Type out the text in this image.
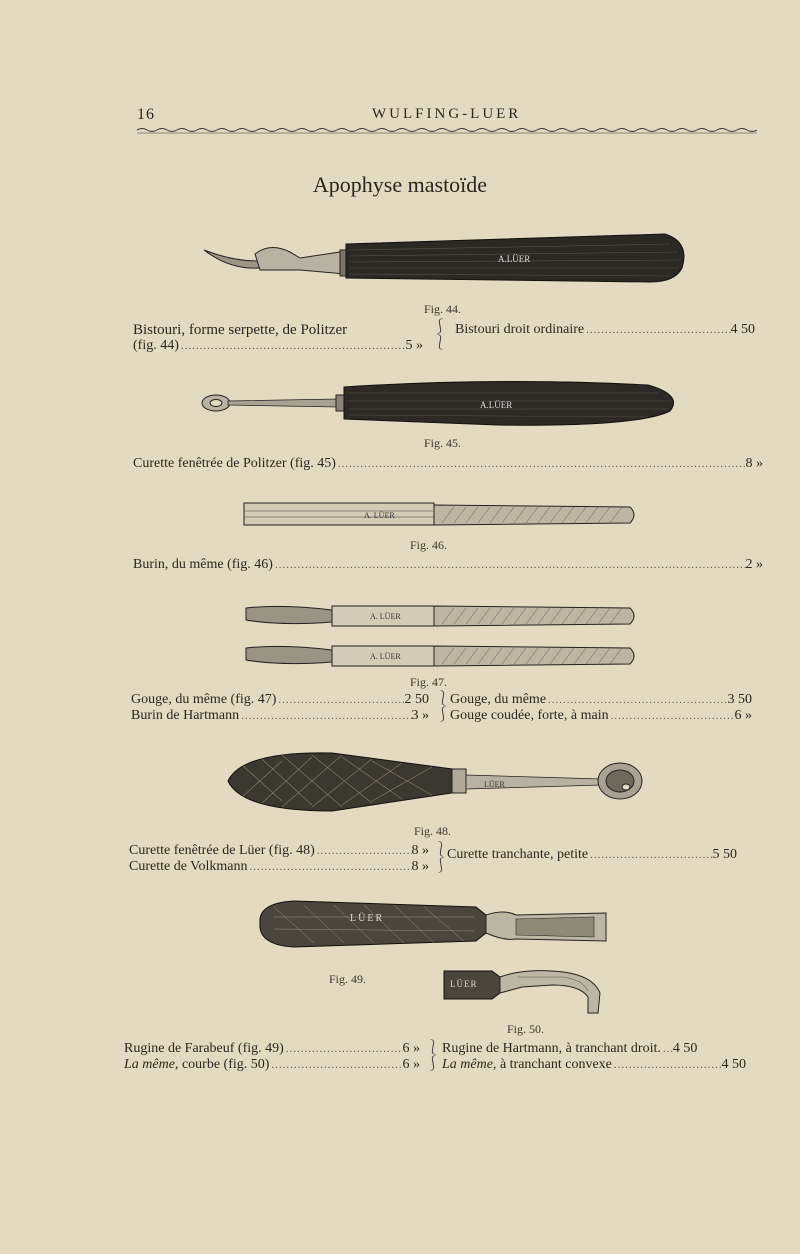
16	WULFING-LUER
Apophyse mastoïde
A.LÜER
Fig. 44.
Bistouri, forme serpette, de Politzer
(fig. 44) .....	5 »
⎰
⎱
Bistouri droit ordinaire .....	4 50
A.LÜER
Fig. 45.
Curette fenêtrée de Politzer (fig. 45) .....	8 »
A. LÜER
Fig. 46.
Burin, du même (fig. 46) .....	2 »
A. LÜER
A. LÜER
Fig. 47.
Gouge, du même (fig. 47) .....	2 50
Burin de Hartmann .....	3 »
⎱
⎰
Gouge, du même .....	3 50
Gouge coudée, forte, à main .....	6 »
LÜER
Fig. 48.
Curette fenêtrée de Lüer (fig. 48) .....	8 »
Curette de Volkmann .....	8 »
⎱
⎰
Curette tranchante, petite .....	5 50
LÜER
Fig. 49.	LÜER
Fig. 50.
Rugine de Farabeuf (fig. 49) .....	6 »
La même, courbe (fig. 50) .....	6 »
⎱
⎰
Rugine de Hartmann, à tranchant droit. ..... 4 50
La même, à tranchant convexe .....	4 50
